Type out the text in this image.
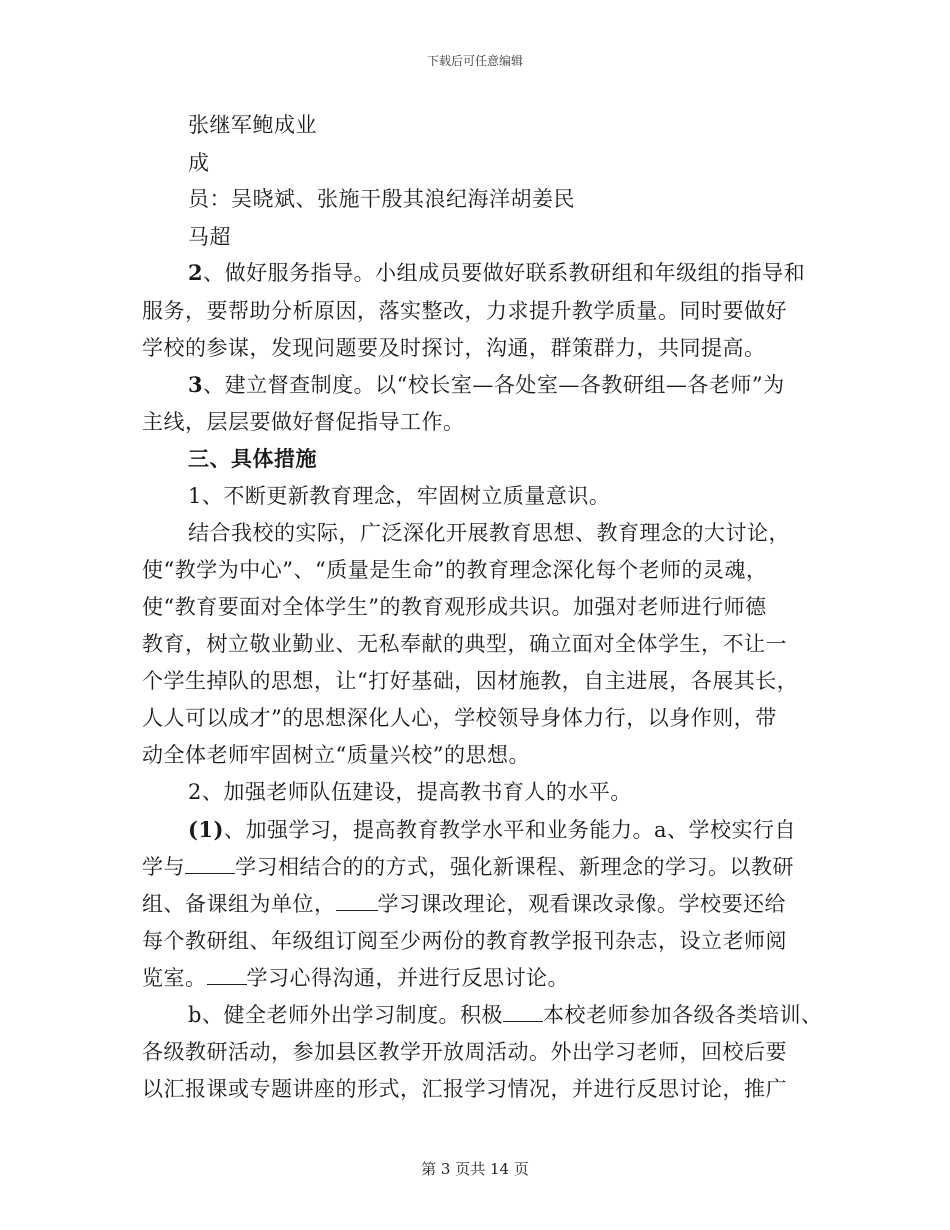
下载后可任意编辑
张继军鲍成业
成
员：吴晓斌、张施干殷其浪纪海洋胡姜民
马超
2、做好服务指导。小组成员要做好联系教研组和年级组的指导和
服务，要帮助分析原因，落实整改，力求提升教学质量。同时要做好
学校的参谋，发现问题要及时探讨，沟通，群策群力，共同提高。
3、建立督查制度。以“校长室—各处室—各教研组—各老师”为
主线，层层要做好督促指导工作。
三、具体措施
1、不断更新教育理念，牢固树立质量意识。
结合我校的实际，广泛深化开展教育思想、教育理念的大讨论，
使“教学为中心”、“质量是生命”的教育理念深化每个老师的灵魂，
使“教育要面对全体学生”的教育观形成共识。加强对老师进行师德
教育，树立敬业勤业、无私奉献的典型，确立面对全体学生，不让一
个学生掉队的思想，让“打好基础，因材施教，自主进展，各展其长，
人人可以成才”的思想深化人心，学校领导身体力行，以身作则，带
动全体老师牢固树立“质量兴校”的思想。
2、加强老师队伍建设，提高教书育人的水平。
(1)、加强学习，提高教育教学水平和业务能力。a、学校实行自
学与 学习相结合的的方式，强化新课程、新理念的学习。以教研
组、备课组为单位， 学习课改理论，观看课改录像。学校要还给
每个教研组、年级组订阅至少两份的教育教学报刊杂志，设立老师阅
览室。 学习心得沟通，并进行反思讨论。
b、健全老师外出学习制度。积极 本校老师参加各级各类培训、
各级教研活动，参加县区教学开放周活动。外出学习老师，回校后要
以汇报课或专题讲座的形式，汇报学习情况，并进行反思讨论，推广
第 3 页共 14 页
